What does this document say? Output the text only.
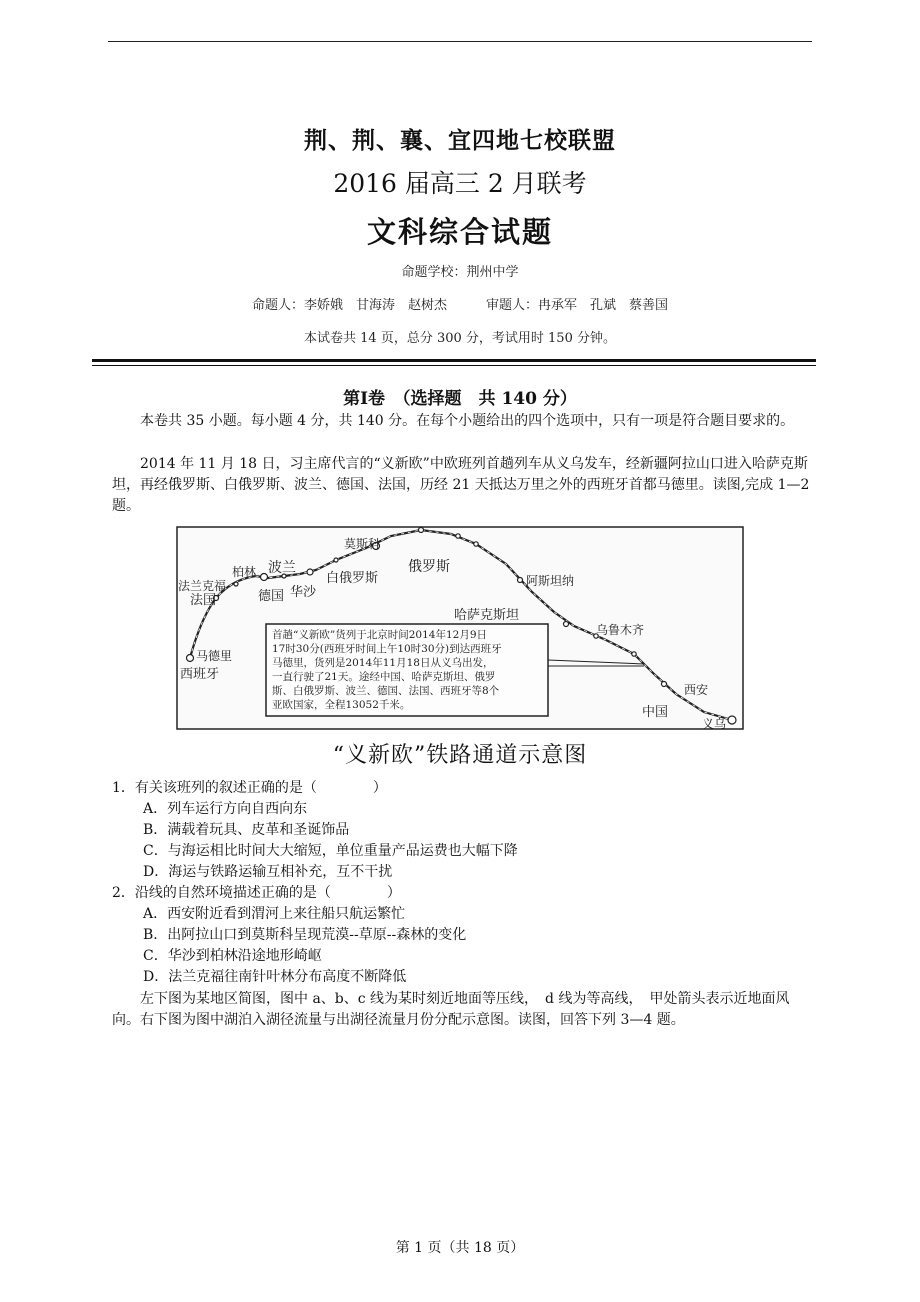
荆、荆、襄、宜四地七校联盟
2016 届高三 2 月联考
文科综合试题
命题学校：荆州中学
命题人：李娇娥　甘海涛　赵树杰　　　审题人：冉承军　孔斌　蔡善国
本试卷共 14 页，总分 300 分，考试用时 150 分钟。
第Ⅰ卷　（选择题　共 140 分）

本卷共 35 小题。每小题 4 分，共 140 分。在每个小题给出的四个选项中，只有一项是符合题目要求的。

2014 年 11 月 18 日，习主席代言的“义新欧”中欧班列首趟列车从义乌发车，经新疆阿拉山口进入哈萨克斯坦，再经俄罗斯、白俄罗斯、波兰、德国、法国，历经 21 天抵达万里之外的西班牙首都马德里。读图,完成 1—2 题。

·
莫斯科
俄罗斯
阿斯坦纳
哈萨克斯坦
乌鲁木齐
西安
中国
义乌
柏林 波兰
白俄罗斯
华沙
德国
法兰克福
法国
马德里
西班牙
首趟“义新欧”货列于北京时间2014年12月9日
17时30分(西班牙时间上午10时30分)到达西班牙
马德里，货列是2014年11月18日从义乌出发，
一直行驶了21天。途经中国、哈萨克斯坦、俄罗
斯、白俄罗斯、波兰、德国、法国、西班牙等8个
亚欧国家，全程13052千米。
“义新欧”铁路通道示意图

1．有关该班列的叙述正确的是（　　　　）

A．列车运行方向自西向东

B．满载着玩具、皮革和圣诞饰品

C．与海运相比时间大大缩短，单位重量产品运费也大幅下降

D．海运与铁路运输互相补充，互不干扰

2．沿线的自然环境描述正确的是（　　　　）

A．西安附近看到渭河上来往船只航运繁忙

B．出阿拉山口到莫斯科呈现荒漠--草原--森林的变化

C．华沙到柏林沿途地形崎岖

D．法兰克福往南针叶林分布高度不断降低

左下图为某地区简图，图中 a、b、c 线为某时刻近地面等压线，　d 线为等高线，　甲处箭头表示近地面风向。右下图为图中湖泊入湖径流量与出湖径流量月份分配示意图。读图，回答下列 3—4 题。

第 1 页（共 18 页）
